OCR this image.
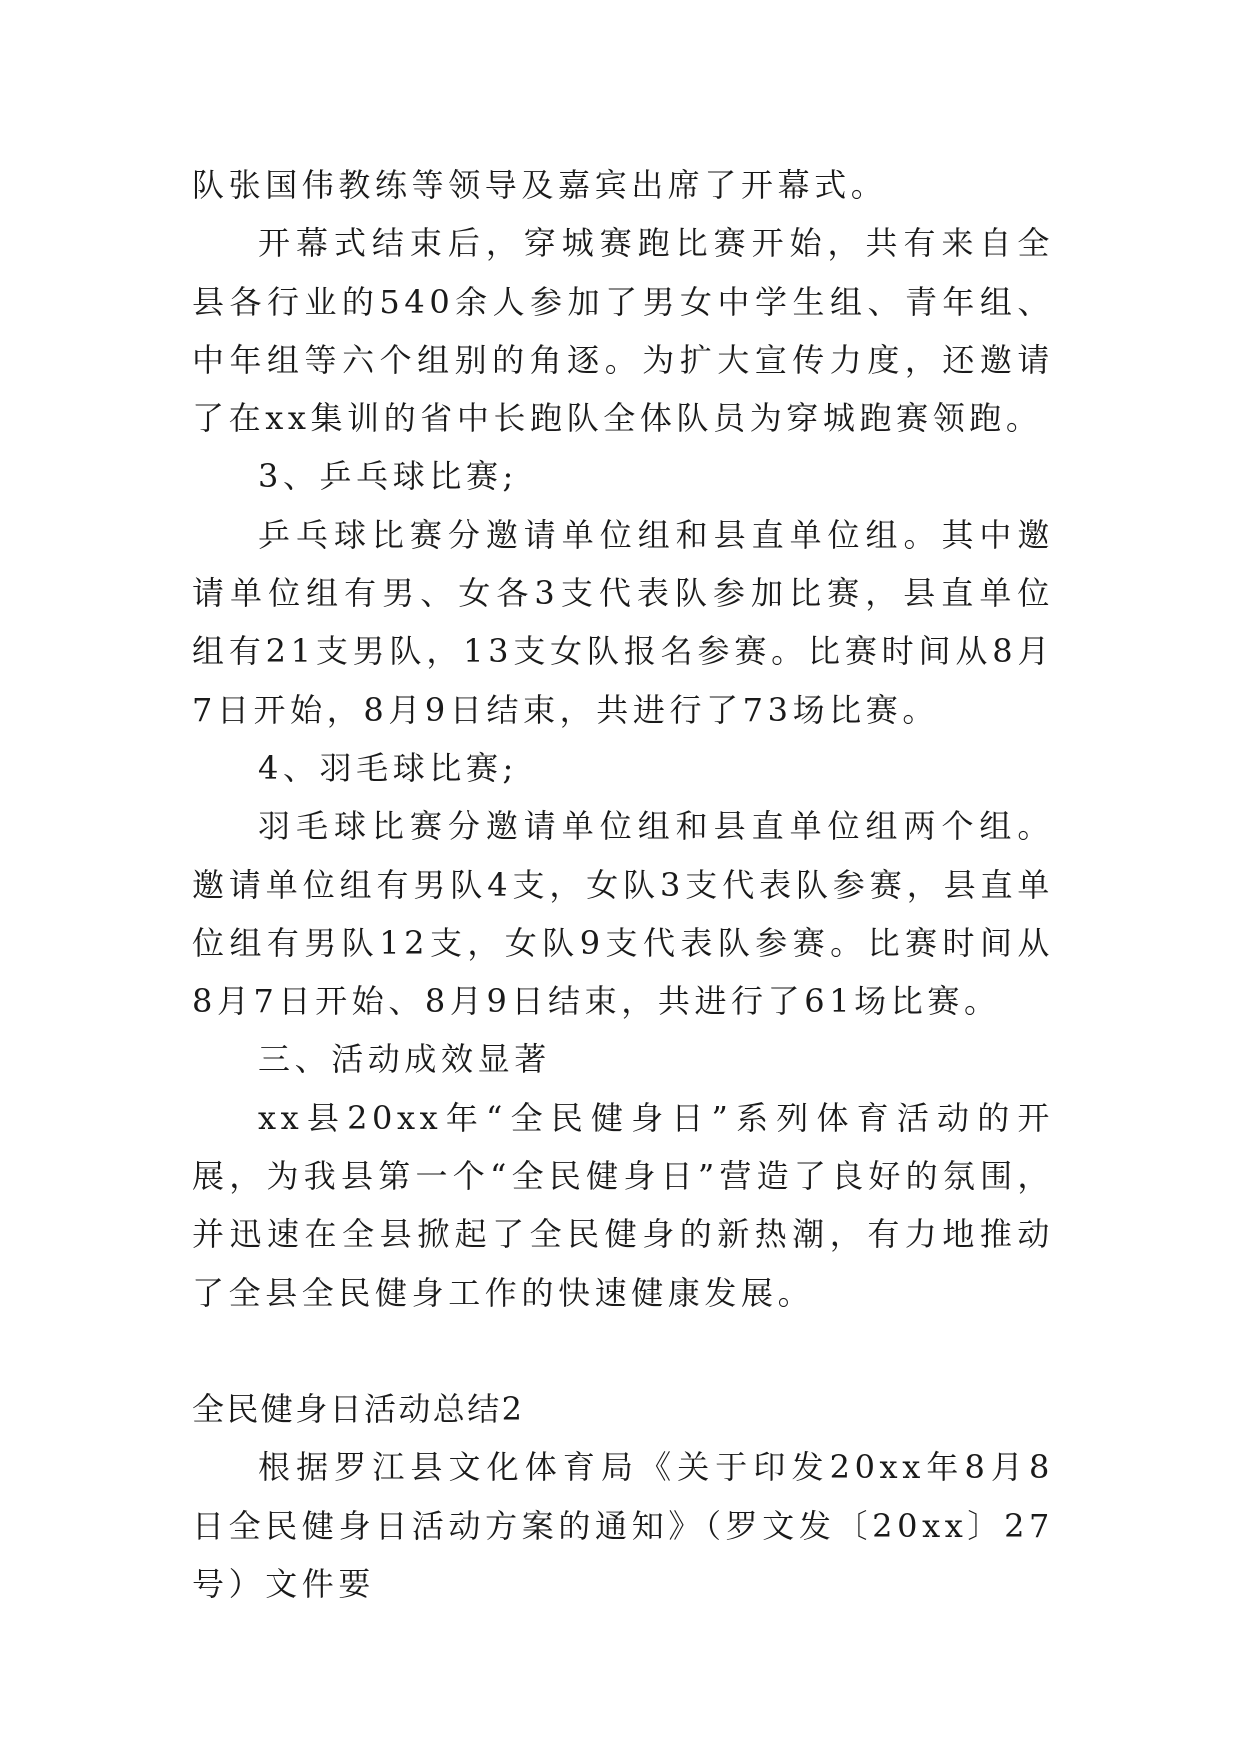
队张国伟教练等领导及嘉宾出席了开幕式。

开幕式结束后，穿城赛跑比赛开始，共有来自全县各行业的540余人参加了男女中学生组、青年组、中年组等六个组别的角逐。为扩大宣传力度，还邀请了在xx集训的省中长跑队全体队员为穿城跑赛领跑。

3、乒乓球比赛;

乒乓球比赛分邀请单位组和县直单位组。其中邀请单位组有男、女各3支代表队参加比赛，县直单位组有21支男队，13支女队报名参赛。比赛时间从8月7日开始，8月9日结束，共进行了73场比赛。

4、羽毛球比赛;

羽毛球比赛分邀请单位组和县直单位组两个组。邀请单位组有男队4支，女队3支代表队参赛，县直单位组有男队12支，女队9支代表队参赛。比赛时间从8月7日开始、8月9日结束，共进行了61场比赛。

三、活动成效显著

xx县20xx年“全民健身日”系列体育活动的开展，为我县第一个“全民健身日”营造了良好的氛围，并迅速在全县掀起了全民健身的新热潮，有力地推动了全县全民健身工作的快速健康发展。

全民健身日活动总结2

根据罗江县文化体育局《关于印发20xx年8月8日全民健身日活动方案的通知》（罗文发〔20xx〕27号）文件要
